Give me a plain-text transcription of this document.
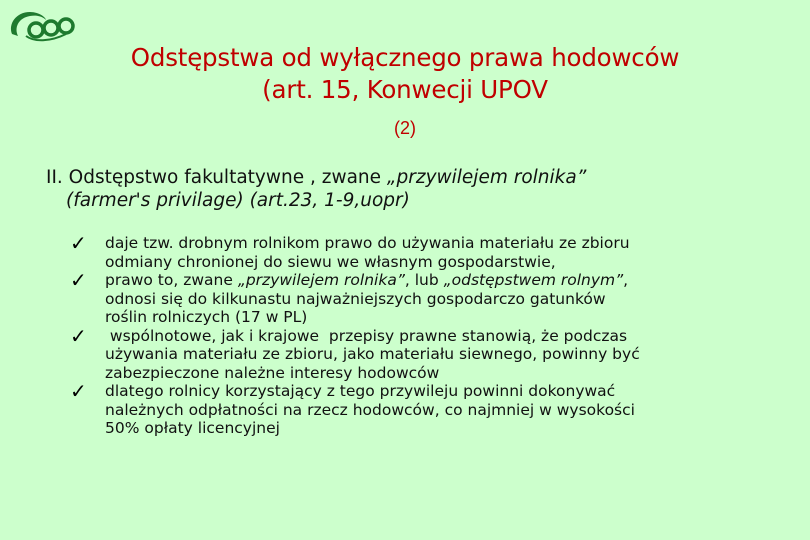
Odstępstwa od wyłącznego prawa hodowców
(art. 15, Konwecji UPOV
(2)
II. Odstępstwo fakultatywne , zwane „przywilejem rolnika”
(farmer's privilage) (art.23, 1-9,uopr)
✓ daje tzw. drobnym rolnikom prawo do używania materiału ze zbioru
odmiany chronionej do siewu we własnym gospodarstwie,
✓ prawo to, zwane „przywilejem rolnika”, lub „odstępstwem rolnym”,
odnosi się do kilkunastu najważniejszych gospodarczo gatunków
roślin rolniczych (17 w PL)
✓ wspólnotowe, jak i krajowe  przepisy prawne stanowią, że podczas
używania materiału ze zbioru, jako materiału siewnego, powinny być
zabezpieczone należne interesy hodowców
✓ dlatego rolnicy korzystający z tego przywileju powinni dokonywać
należnych odpłatności na rzecz hodowców, co najmniej w wysokości
50% opłaty licencyjnej
